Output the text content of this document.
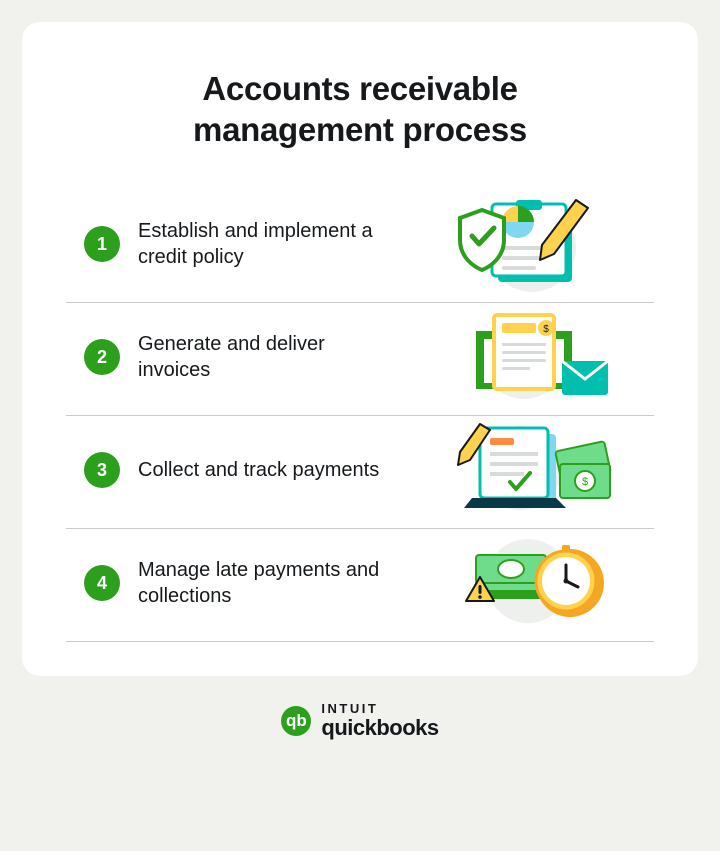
Accounts receivable management process
1
Establish and implement a credit policy
2
Generate and deliver invoices
$
3	Collect and track payments
$
4
Manage late payments and collections
qb
INTUIT
quickbooks
